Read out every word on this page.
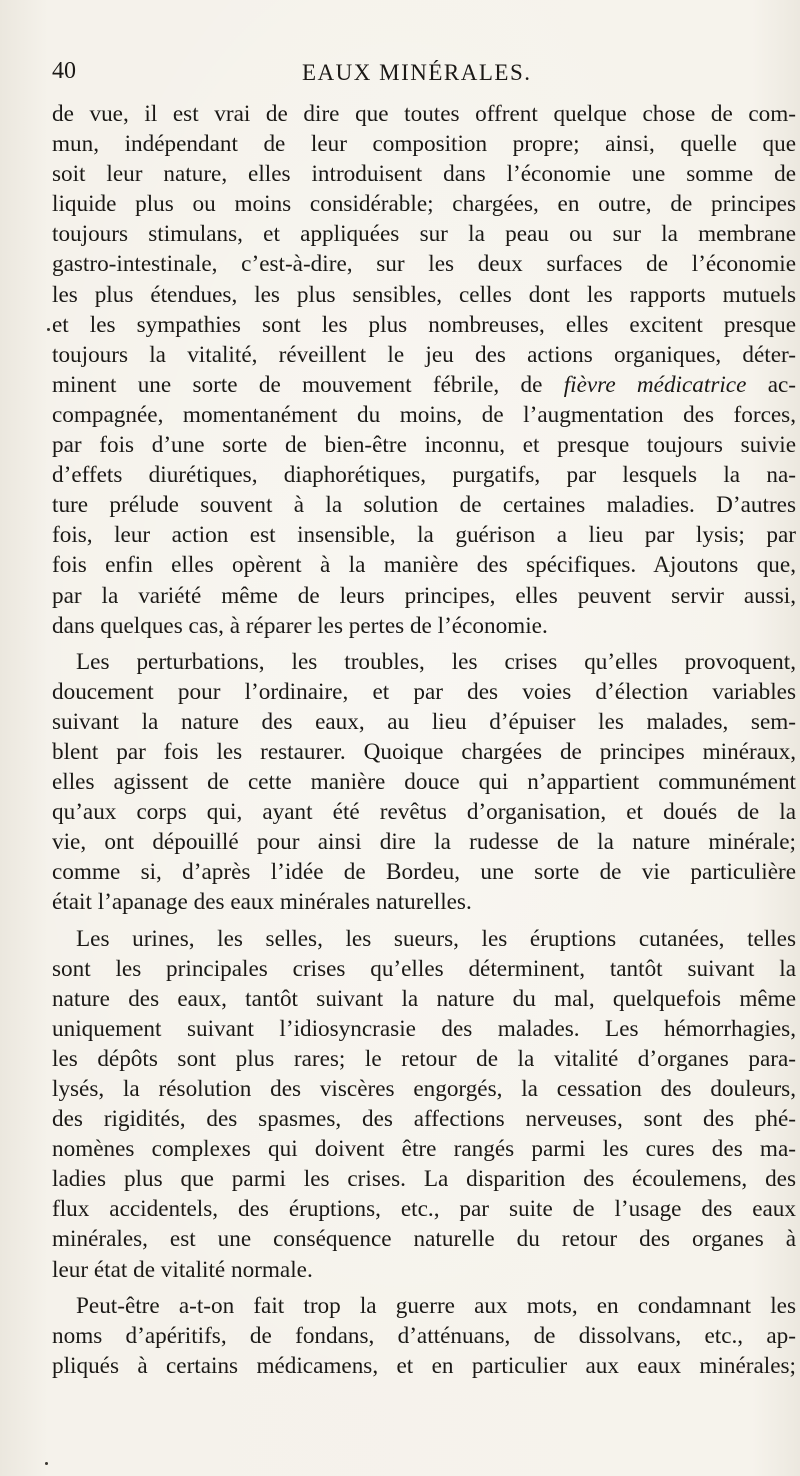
40	EAUX MINÉRALES.
de vue, il est vrai de dire que toutes offrent quelque chose de com-
mun, indépendant de leur composition propre; ainsi, quelle que
soit leur nature, elles introduisent dans l’économie une somme de
liquide plus ou moins considérable; chargées, en outre, de principes
toujours stimulans, et appliquées sur la peau ou sur la membrane
gastro-intestinale, c’est-à-dire, sur les deux surfaces de l’économie
les plus étendues, les plus sensibles, celles dont les rapports mutuels
et les sympathies sont les plus nombreuses, elles excitent presque
toujours la vitalité, réveillent le jeu des actions organiques, déter-
minent une sorte de mouvement fébrile, de fièvre médicatrice ac-
compagnée, momentanément du moins, de l’augmentation des forces,
par fois d’une sorte de bien-être inconnu, et presque toujours suivie
d’effets diurétiques, diaphorétiques, purgatifs, par lesquels la na-
ture prélude souvent à la solution de certaines maladies. D’autres
fois, leur action est insensible, la guérison a lieu par lysis; par
fois enfin elles opèrent à la manière des spécifiques. Ajoutons que,
par la variété même de leurs principes, elles peuvent servir aussi,
dans quelques cas, à réparer les pertes de l’économie.
Les perturbations, les troubles, les crises qu’elles provoquent,
doucement pour l’ordinaire, et par des voies d’élection variables
suivant la nature des eaux, au lieu d’épuiser les malades, sem-
blent par fois les restaurer. Quoique chargées de principes minéraux,
elles agissent de cette manière douce qui n’appartient communément
qu’aux corps qui, ayant été revêtus d’organisation, et doués de la
vie, ont dépouillé pour ainsi dire la rudesse de la nature minérale;
comme si, d’après l’idée de Bordeu, une sorte de vie particulière
était l’apanage des eaux minérales naturelles.
Les urines, les selles, les sueurs, les éruptions cutanées, telles
sont les principales crises qu’elles déterminent, tantôt suivant la
nature des eaux, tantôt suivant la nature du mal, quelquefois même
uniquement suivant l’idiosyncrasie des malades. Les hémorrhagies,
les dépôts sont plus rares; le retour de la vitalité d’organes para-
lysés, la résolution des viscères engorgés, la cessation des douleurs,
des rigidités, des spasmes, des affections nerveuses, sont des phé-
nomènes complexes qui doivent être rangés parmi les cures des ma-
ladies plus que parmi les crises. La disparition des écoulemens, des
flux accidentels, des éruptions, etc., par suite de l’usage des eaux
minérales, est une conséquence naturelle du retour des organes à
leur état de vitalité normale.
Peut-être a-t-on fait trop la guerre aux mots, en condamnant les
noms d’apéritifs, de fondans, d’atténuans, de dissolvans, etc., ap-
pliqués à certains médicamens, et en particulier aux eaux minérales;
